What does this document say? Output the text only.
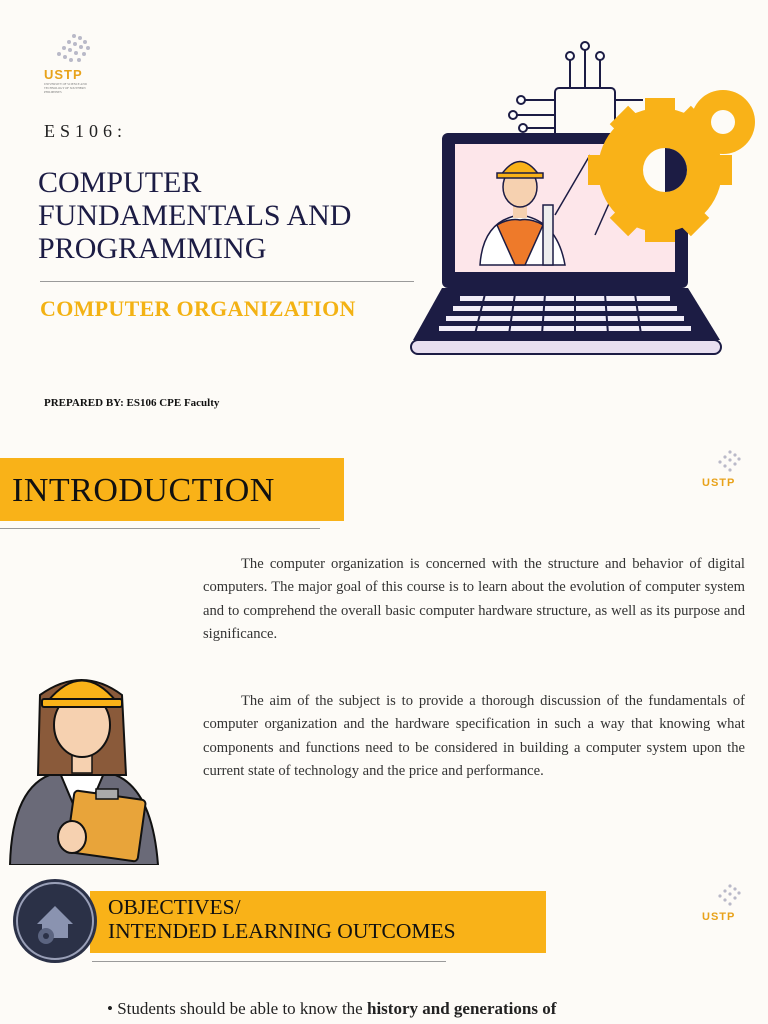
USTP
UNIVERSITY OF SCIENCE AND TECHNOLOGY OF SOUTHERN PHILIPPINES
ES106:
COMPUTER
FUNDAMENTALS AND
PROGRAMMING
COMPUTER ORGANIZATION
PREPARED BY: ES106 CPE Faculty
INTRODUCTION	USTP

The computer organization is concerned with the structure and behavior of digital computers. The major goal of this course is to learn about the evolution of computer system and to comprehend the overall basic computer hardware structure, as well as its purpose and significance.

The aim of the subject is to provide a thorough discussion of the fundamentals of computer organization and the hardware specification in such a way that knowing what components and functions need to be considered in building a computer system upon the current state of technology and the price and performance.

OBJECTIVES/
INTENDED LEARNING OUTCOMES
USTP
• Students should be able to know the history and generations of
